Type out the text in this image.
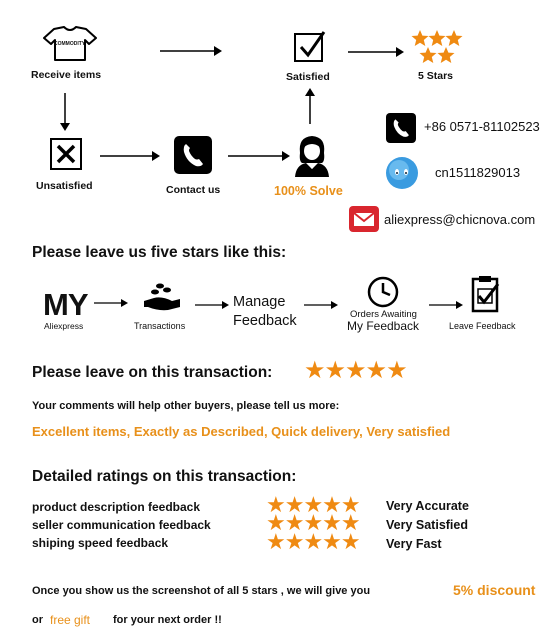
COMMODITY
Receive items	Satisfied	5 Stars
Unsatisfied	Contact us	100% Solve
+86 0571-81102523
cn1511829013
aliexpress@chicnova.com
Please leave us five stars like this:
MY
Aliexpress	Transactions
Manage
Feedback	Orders Awaiting
My Feedback	Leave Feedback
Please leave on this transaction: ★★★★★
Your comments will help other buyers, please tell us more:
Excellent items, Exactly as Described, Quick delivery, Very satisfied
Detailed ratings on this transaction:
product description feedback	★★★★★ Very Accurate
seller communication feedback	★★★★★ Very Satisfied
shiping speed feedback	★★★★★ Very Fast
Once you show us the screenshot of all 5 stars , we will give you	5% discount
or free gift for your next order !!
